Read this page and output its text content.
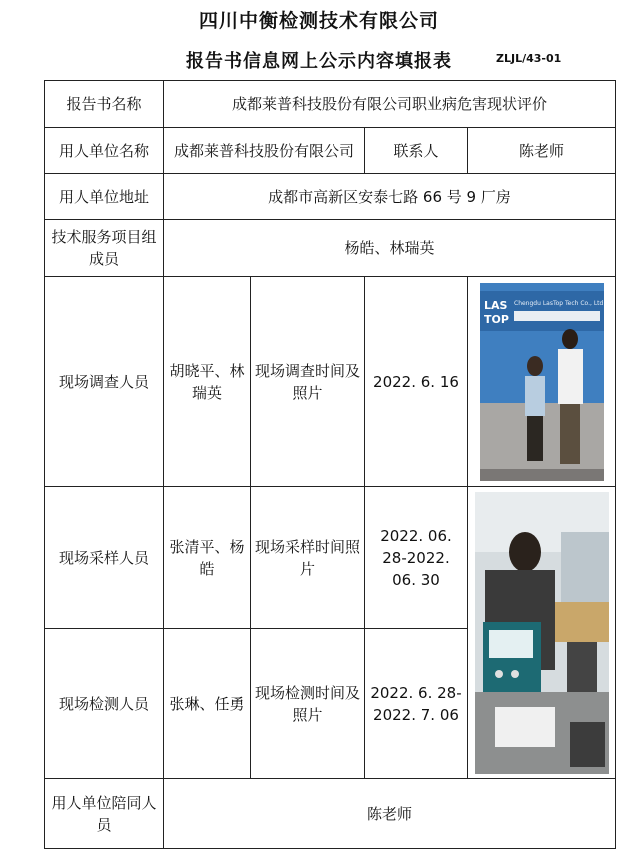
四川中衡检测技术有限公司
报告书信息网上公示内容填报表	ZLJL/43-01
报告书名称	成都莱普科技股份有限公司职业病危害现状评价			
用人单位名称	成都莱普科技股份有限公司		联系人	陈老师
用人单位地址	成都市高新区安泰七路 66 号 9 厂房			
技术服务项目组成员	杨皓、林瑞英			
现场调查人员	胡晓平、林瑞英	现场调查时间及照片	2022. 6. 16	LAS
TOP
Chengdu LasTop Tech Co., Ltd

现场采样人员	张清平、杨皓	现场采样时间照片	2022. 06. 28-2022. 06. 30	

现场检测人员	张琳、任勇	现场检测时间及照片	2022. 6. 28-2022. 7. 06	
用人单位陪同人员	陈老师			
